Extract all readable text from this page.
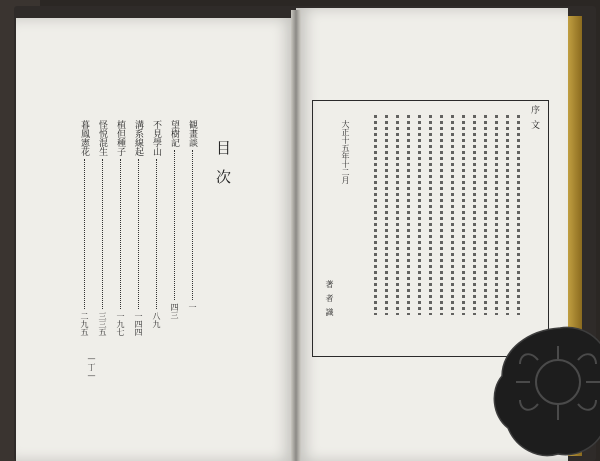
目次
観畫談一
望樹記四三
不見學山八九
溝系線起一四四
植但種子一九七
怪悦混生三三五
暮鳳憲花二九五
—丁—
序文
大正十五年十二月
著者識
